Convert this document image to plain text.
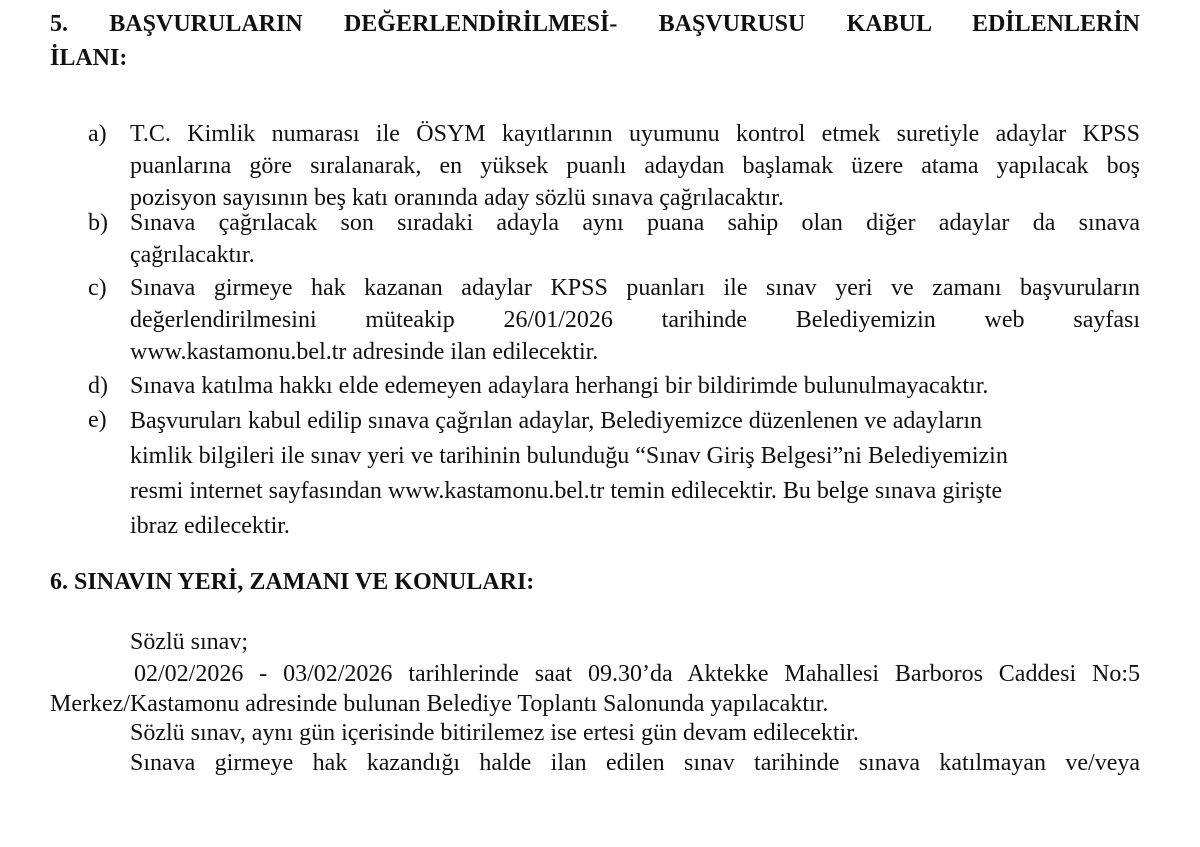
5. BAŞVURULARIN DEĞERLENDİRİLMESİ- BAŞVURUSU KABUL EDİLENLERİN
İLANI:
a) T.C. Kimlik numarası ile ÖSYM kayıtlarının uyumunu kontrol etmek suretiyle adaylar KPSS
puanlarına göre sıralanarak, en yüksek puanlı adaydan başlamak üzere atama yapılacak boş
pozisyon sayısının beş katı oranında aday sözlü sınava çağrılacaktır.
b) Sınava çağrılacak son sıradaki adayla aynı puana sahip olan diğer adaylar da sınava
çağrılacaktır.
c) Sınava girmeye hak kazanan adaylar KPSS puanları ile sınav yeri ve zamanı başvuruların
değerlendirilmesini müteakip 26/01/2026 tarihinde Belediyemizin web sayfası
www.kastamonu.bel.tr adresinde ilan edilecektir.
d) Sınava katılma hakkı elde edemeyen adaylara herhangi bir bildirimde bulunulmayacaktır.
e) Başvuruları kabul edilip sınava çağrılan adaylar, Belediyemizce düzenlenen ve adayların
kimlik bilgileri ile sınav yeri ve tarihinin bulunduğu “Sınav Giriş Belgesi”ni Belediyemizin
resmi internet sayfasından www.kastamonu.bel.tr temin edilecektir. Bu belge sınava girişte
ibraz edilecektir.
6. SINAVIN YERİ, ZAMANI VE KONULARI:
Sözlü sınav;
02/02/2026 - 03/02/2026 tarihlerinde saat 09.30’da Aktekke Mahallesi Barboros Caddesi No:5
Merkez/Kastamonu adresinde bulunan Belediye Toplantı Salonunda yapılacaktır.
Sözlü sınav, aynı gün içerisinde bitirilemez ise ertesi gün devam edilecektir.
Sınava girmeye hak kazandığı halde ilan edilen sınav tarihinde sınava katılmayan ve/veya
